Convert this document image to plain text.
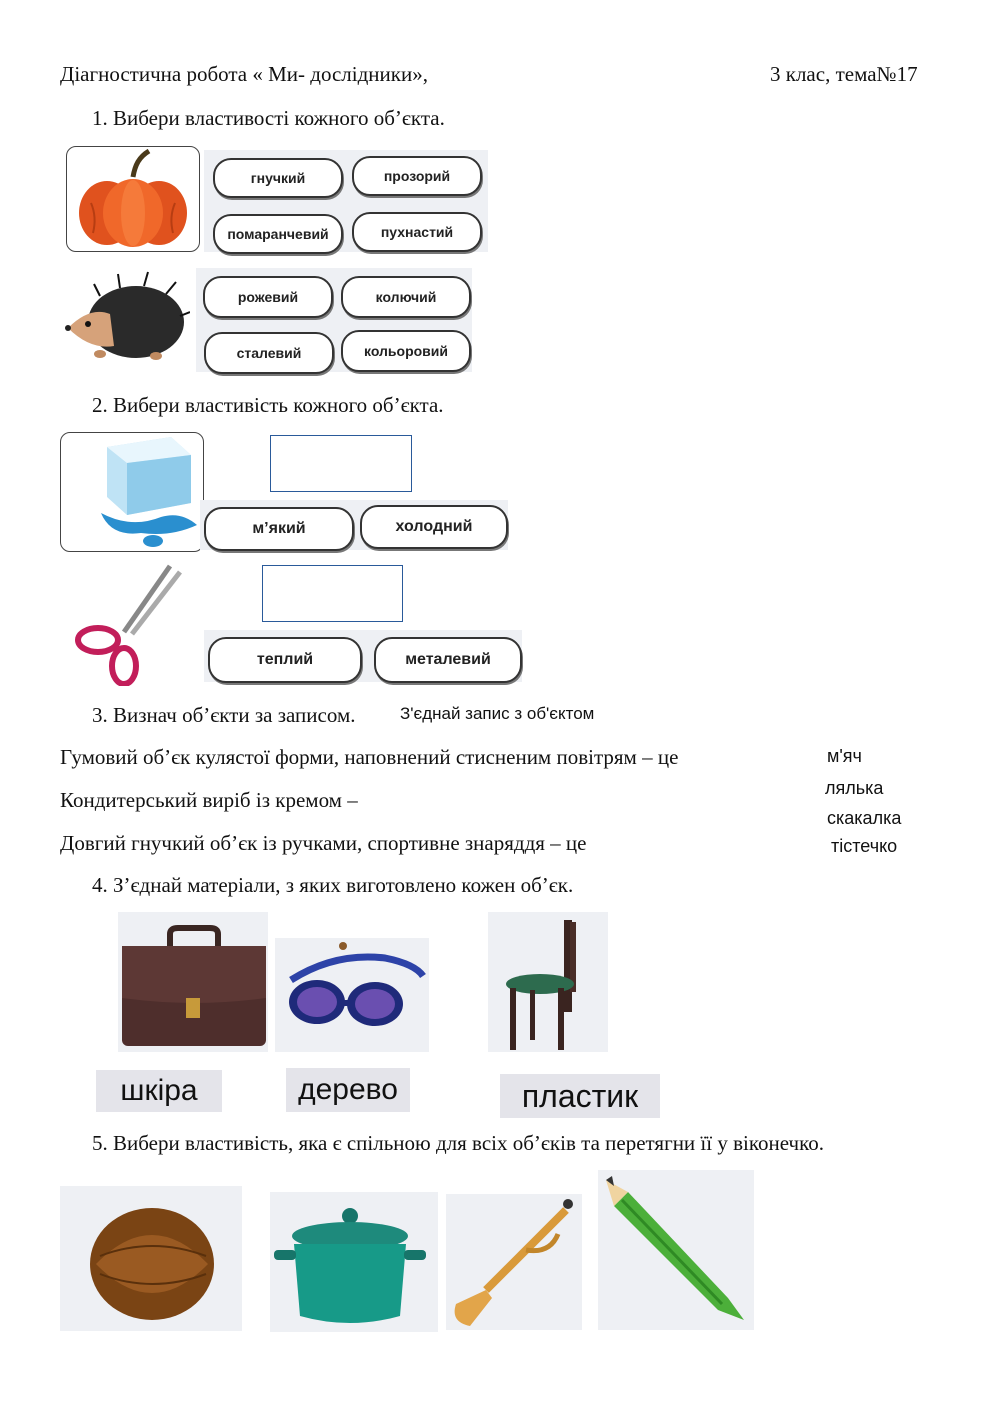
Діагностична робота « Ми- дослідники»,	3 клас, тема№17
1. Вибери властивості кожного об’єкта.
гнучкий	прозорий
помаранчевий	пухнастий
рожевий	колючий
сталевий	кольоровий
2. Вибери властивість кожного об’єкта.
м’який	холодний
теплий	металевий
3. Визнач об’єкти за записом.	З'єднай запис з об'єктом
Гумовий об’єк кулястої форми, наповнений стисненим повітрям – це
Кондитерський виріб із кремом –
Довгий гнучкий об’єк із ручками, спортивне знаряддя – це
м'яч
лялька
скакалка
тістечко
4. З’єднай матеріали, з яких виготовлено кожен об’єк.
шкіра	дерево	пластик
5. Вибери властивість, яка є спільною для всіх об’єків та перетягни її у віконечко.
